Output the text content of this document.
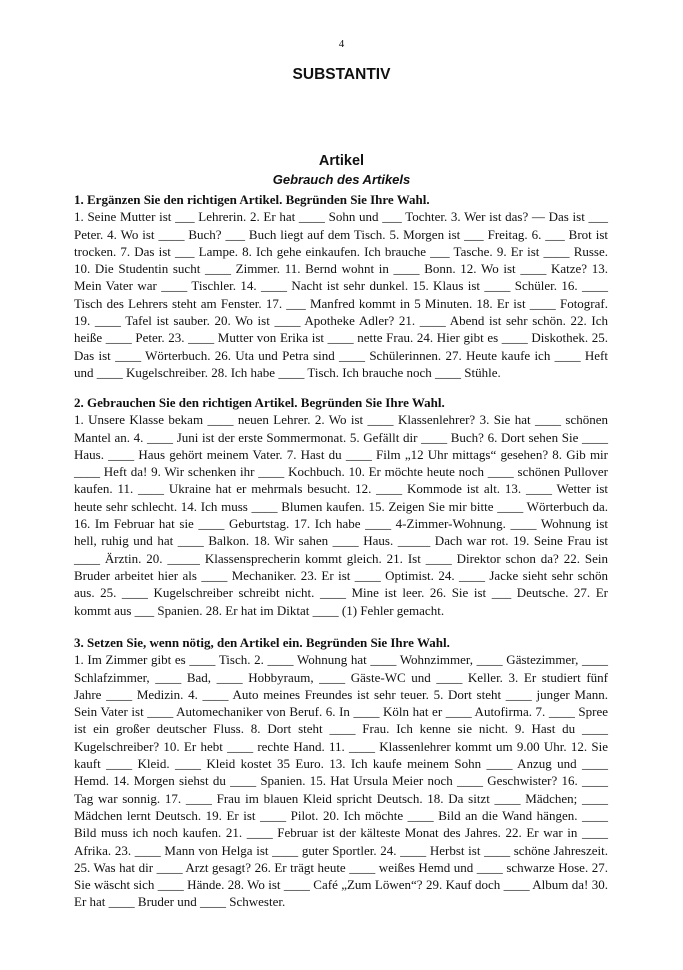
4
SUBSTANTIV
Artikel
Gebrauch des Artikels

1. Ergänzen Sie den richtigen Artikel. Begründen Sie Ihre Wahl.

1. Seine Mutter ist ___ Lehrerin. 2. Er hat ____ Sohn und ___ Tochter. 3. Wer ist das? — Das ist ___ Peter. 4. Wo ist ____ Buch? ___ Buch liegt auf dem Tisch. 5. Morgen ist ___ Freitag. 6. ___ Brot ist trocken. 7. Das ist ___ Lampe. 8. Ich gehe einkaufen. Ich brauche ___ Tasche. 9. Er ist ____ Russe. 10. Die Studentin sucht ____ Zimmer. 11. Bernd wohnt in ____ Bonn. 12. Wo ist ____ Katze? 13. Mein Vater war ____ Tischler. 14. ____ Nacht ist sehr dunkel. 15. Klaus ist ____ Schüler. 16. ____ Tisch des Lehrers steht am Fenster. 17. ___ Manfred kommt in 5 Minuten. 18. Er ist ____ Fotograf. 19. ____ Tafel ist sauber. 20. Wo ist ____ Apotheke Adler? 21. ____ Abend ist sehr schön. 22. Ich heiße ____ Peter. 23. ____ Mutter von Erika ist ____ nette Frau. 24. Hier gibt es ____ Diskothek. 25. Das ist ____ Wörterbuch. 26. Uta und Petra sind ____ Schülerinnen. 27. Heute kaufe ich ____ Heft und ____ Kugelschreiber. 28. Ich habe ____ Tisch. Ich brauche noch ____ Stühle.

2. Gebrauchen Sie den richtigen Artikel. Begründen Sie Ihre Wahl.

1. Unsere Klasse bekam ____ neuen Lehrer. 2. Wo ist ____ Klassenlehrer? 3. Sie hat ____ schönen Mantel an. 4. ____ Juni ist der erste Sommermonat. 5. Gefällt dir ____ Buch? 6. Dort sehen Sie ____ Haus. ____ Haus gehört meinem Vater. 7. Hast du ____ Film „12 Uhr mittags“ gesehen? 8. Gib mir ____ Heft da! 9. Wir schenken ihr ____ Kochbuch. 10. Er möchte heute noch ____ schönen Pullover kaufen. 11. ____ Ukraine hat er mehrmals besucht. 12. ____ Kommode ist alt. 13. ____ Wetter ist heute sehr schlecht. 14. Ich muss ____ Blumen kaufen. 15. Zeigen Sie mir bitte ____ Wörterbuch da. 16. Im Februar hat sie ____ Geburtstag. 17. Ich habe ____ 4-Zimmer-Wohnung. ____ Wohnung ist hell, ruhig und hat ____ Balkon. 18. Wir sahen ____ Haus. _____ Dach war rot. 19. Seine Frau ist ____ Ärztin. 20. _____ Klassensprecherin kommt gleich. 21. Ist ____ Direktor schon da? 22. Sein Bruder arbeitet hier als ____ Mechaniker. 23. Er ist ____ Optimist. 24. ____ Jacke sieht sehr schön aus. 25. ____ Kugelschreiber schreibt nicht. ____ Mine ist leer. 26. Sie ist ___ Deutsche. 27. Er kommt aus ___ Spanien. 28. Er hat im Diktat ____ (1) Fehler gemacht.

3. Setzen Sie, wenn nötig, den Artikel ein. Begründen Sie Ihre Wahl.

1. Im Zimmer gibt es ____ Tisch. 2. ____ Wohnung hat ____ Wohnzimmer, ____ Gästezimmer, ____ Schlafzimmer, ____ Bad, ____ Hobbyraum, ____ Gäste-WC und ____ Keller. 3. Er studiert fünf Jahre ____ Medizin. 4. ____ Auto meines Freundes ist sehr teuer. 5. Dort steht ____ junger Mann. Sein Vater ist ____ Automechaniker von Beruf. 6. In ____ Köln hat er ____ Autofirma. 7. ____ Spree ist ein großer deutscher Fluss. 8. Dort steht ____ Frau. Ich kenne sie nicht. 9. Hast du ____ Kugelschreiber? 10. Er hebt ____ rechte Hand. 11. ____ Klassenlehrer kommt um 9.00 Uhr. 12. Sie kauft ____ Kleid. ____ Kleid kostet 35 Euro. 13. Ich kaufe meinem Sohn ____ Anzug und ____ Hemd. 14. Morgen siehst du ____ Spanien. 15. Hat Ursula Meier noch ____ Geschwister? 16. ____ Tag war sonnig. 17. ____ Frau im blauen Kleid spricht Deutsch. 18. Da sitzt ____ Mädchen; ____ Mädchen lernt Deutsch. 19. Er ist ____ Pilot. 20. Ich möchte ____ Bild an die Wand hängen. ____ Bild muss ich noch kaufen. 21. ____ Februar ist der kälteste Monat des Jahres. 22. Er war in ____ Afrika. 23. ____ Mann von Helga ist ____ guter Sportler. 24. ____ Herbst ist ____ schöne Jahreszeit. 25. Was hat dir ____ Arzt gesagt? 26. Er trägt heute ____ weißes Hemd und ____ schwarze Hose. 27. Sie wäscht sich ____ Hände. 28. Wo ist ____ Café „Zum Löwen“? 29. Kauf doch ____ Album da! 30. Er hat ____ Bruder und ____ Schwester.
